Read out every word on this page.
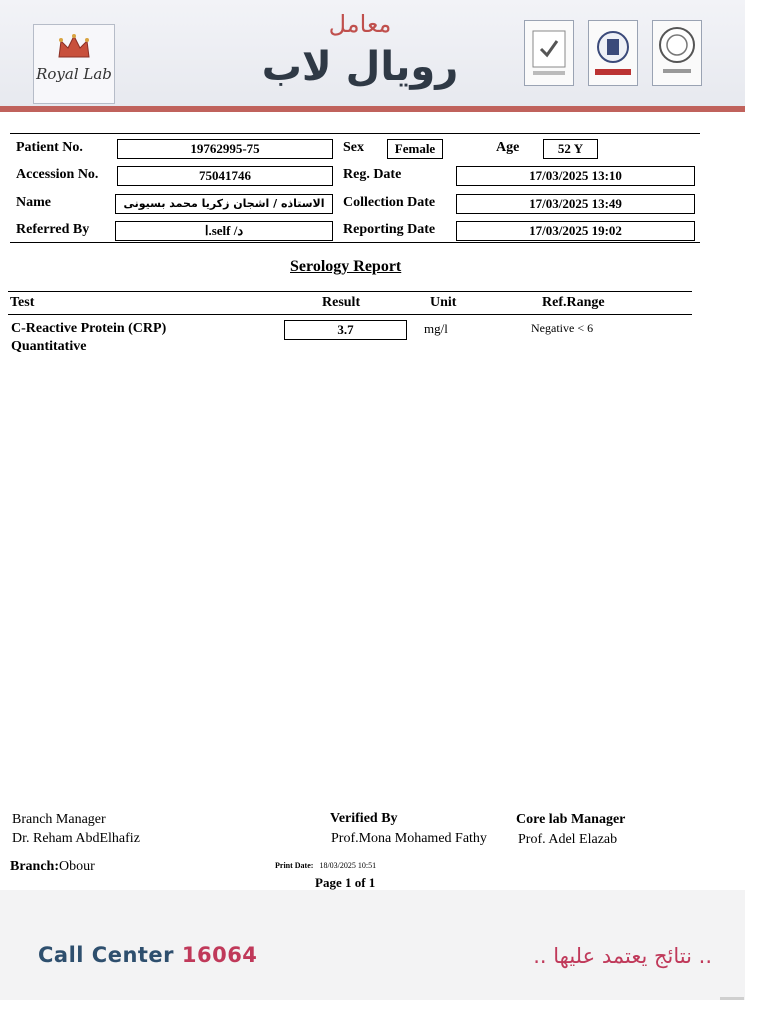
Royal Lab
معامل
رويال لاب
Patient No.	19762995-75	Sex	Female	Age	52 Y
Accession No.	75041746	Reg. Date	17/03/2025 13:10
Name	الاستاذه / اشجان زكريا محمد بسيونى	Collection Date	17/03/2025 13:49
Referred By	د/ self.ا	Reporting Date	17/03/2025 19:02
Serology Report
Test	Result	Unit	Ref.Range
C-Reactive Protein (CRP)
Quantitative
3.7	mg/l	Negative < 6
Branch Manager
Dr. Reham AbdElhafiz
Verified By
Prof.Mona Mohamed Fathy
Core lab Manager
Prof. Adel Elazab
Branch:Obour	Print Date: 18/03/2025 10:51
Page 1 of 1
Call Center 16064	.. نتائج يعتمد عليها ..
